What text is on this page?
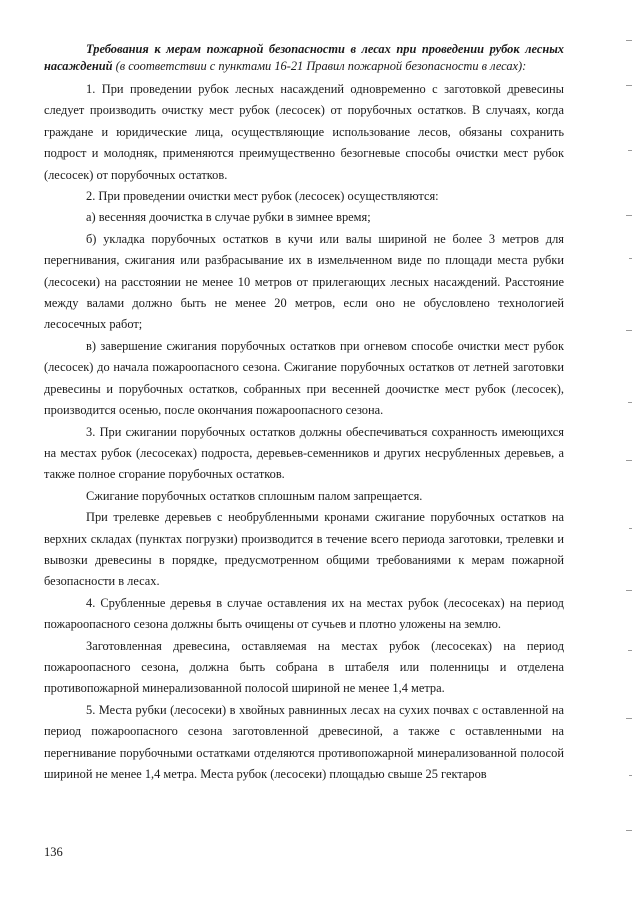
Требования к мерам пожарной безопасности в лесах при проведении рубок лесных насаждений (в соответствии с пунктами 16-21 Правил пожарной безопасности в лесах):

1. При проведении рубок лесных насаждений одновременно с заготовкой древесины следует производить очистку мест рубок (лесосек) от порубочных остатков. В случаях, когда граждане и юридические лица, осуществляющие использование лесов, обязаны сохранить подрост и молодняк, применяются преимущественно безогневые способы очистки мест рубок (лесосек) от порубочных остатков.

2. При проведении очистки мест рубок (лесосек) осуществляются:

а) весенняя доочистка в случае рубки в зимнее время;

б) укладка порубочных остатков в кучи или валы шириной не более 3 метров для перегнивания, сжигания или разбрасывание их в измельченном виде по площади места рубки (лесосеки) на расстоянии не менее 10 метров от прилегающих лесных насаждений. Расстояние между валами должно быть не менее 20 метров, если оно не обусловлено технологией лесосечных работ;

в) завершение сжигания порубочных остатков при огневом способе очистки мест рубок (лесосек) до начала пожароопасного сезона. Сжигание порубочных остатков от летней заготовки древесины и порубочных остатков, собранных при весенней доочистке мест рубок (лесосек), производится осенью, после окончания пожароопасного сезона.

3. При сжигании порубочных остатков должны обеспечиваться сохранность имеющихся на местах рубок (лесосеках) подроста, деревьев-семенников и других несрубленных деревьев, а также полное сгорание порубочных остатков.

Сжигание порубочных остатков сплошным палом запрещается.

При трелевке деревьев с необрубленными кронами сжигание порубочных остатков на верхних складах (пунктах погрузки) производится в течение всего периода заготовки, трелевки и вывозки древесины в порядке, предусмотренном общими требованиями к мерам пожарной безопасности в лесах.

4. Срубленные деревья в случае оставления их на местах рубок (лесосеках) на период пожароопасного сезона должны быть очищены от сучьев и плотно уложены на землю.

Заготовленная древесина, оставляемая на местах рубок (лесосеках) на период пожароопасного сезона, должна быть собрана в штабеля или поленницы и отделена противопожарной минерализованной полосой шириной не менее 1,4 метра.

5. Места рубки (лесосеки) в хвойных равнинных лесах на сухих почвах с оставленной на период пожароопасного сезона заготовленной древесиной, а также с оставленными на перегнивание порубочными остатками отделяются противопожарной минерализованной полосой шириной не менее 1,4 метра. Места рубок (лесосеки) площадью свыше 25 гектаров

136
